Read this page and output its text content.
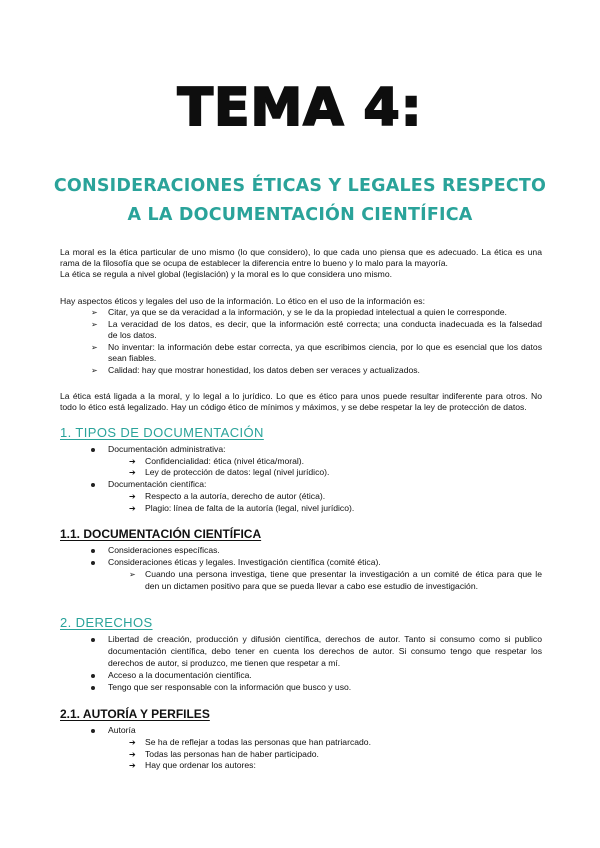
TEMA 4:
CONSIDERACIONES ÉTICAS Y LEGALES RESPECTO
A LA DOCUMENTACIÓN CIENTÍFICA
La moral es la ética particular de uno mismo (lo que considero), lo que cada uno piensa que es adecuado. La ética es una
rama de la filosofía que se ocupa de establecer la diferencia entre lo bueno y lo malo para la mayoría.
La ética se regula a nivel global (legislación) y la moral es lo que considera uno mismo.
Hay aspectos éticos y legales del uso de la información. Lo ético en el uso de la información es:
➢ Citar, ya que se da veracidad a la información, y se le da la propiedad intelectual a quien le corresponde.
➢ La veracidad de los datos, es decir, que la información esté correcta; una conducta inadecuada es la falsedad
de los datos.
➢ No inventar: la información debe estar correcta, ya que escribimos ciencia, por lo que es esencial que los datos
sean fiables.
➢ Calidad: hay que mostrar honestidad, los datos deben ser veraces y actualizados.
La ética está ligada a la moral, y lo legal a lo jurídico. Lo que es ético para unos puede resultar indiferente para otros. No
todo lo ético está legalizado. Hay un código ético de mínimos y máximos, y se debe respetar la ley de protección de datos.
1. TIPOS DE DOCUMENTACIÓN
Documentación administrativa:
➔ Confidencialidad: ética (nivel ética/moral).
➔ Ley de protección de datos: legal (nivel jurídico).
Documentación científica:
➔ Respecto a la autoría, derecho de autor (ética).
➔ Plagio: línea de falta de la autoría (legal, nivel jurídico).
1.1. DOCUMENTACIÓN CIENTÍFICA
Consideraciones específicas.
Consideraciones éticas y legales. Investigación científica (comité ética).
➢ Cuando una persona investiga, tiene que presentar la investigación a un comité de ética para que le
den un dictamen positivo para que se pueda llevar a cabo ese estudio de investigación.
2. DERECHOS
Libertad de creación, producción y difusión científica, derechos de autor. Tanto si consumo como si publico
documentación científica, debo tener en cuenta los derechos de autor. Si consumo tengo que respetar los
derechos de autor, si produzco, me tienen que respetar a mí.
Acceso a la documentación científica.
Tengo que ser responsable con la información que busco y uso.
2.1. AUTORÍA Y PERFILES
Autoría
➔ Se ha de reflejar a todas las personas que han patriarcado.
➔ Todas las personas han de haber participado.
➔ Hay que ordenar los autores:
